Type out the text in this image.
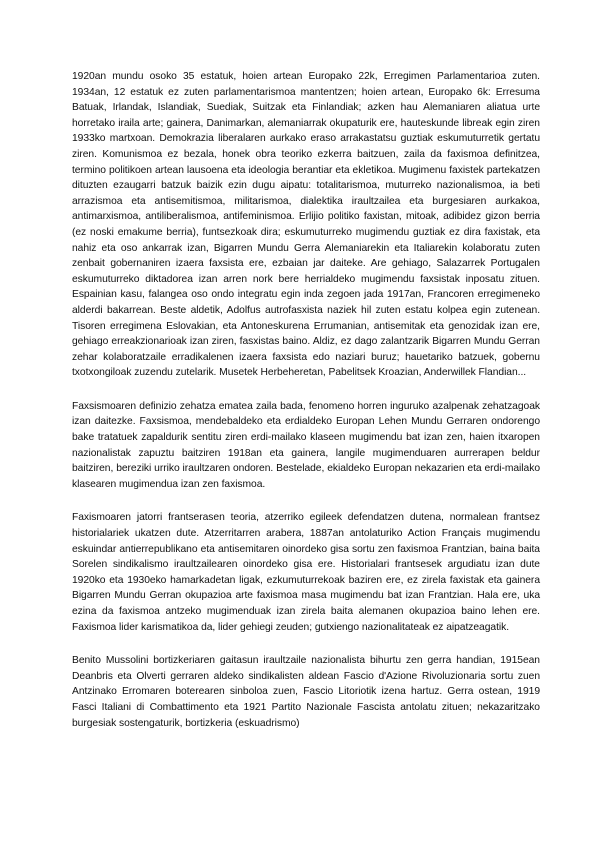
1920an mundu osoko 35 estatuk, hoien artean Europako 22k, Erregimen Parlamentarioa zuten. 1934an, 12 estatuk ez zuten parlamentarismoa mantentzen; hoien artean, Europako 6k: Erresuma Batuak, Irlandak, Islandiak, Suediak, Suitzak eta Finlandiak; azken hau Alemaniaren aliatua urte horretako iraila arte; gainera, Danimarkan, alemaniarrak okupaturik ere, hauteskunde libreak egin ziren 1933ko martxoan. Demokrazia liberalaren aurkako eraso arrakastatsu guztiak eskumuturretik gertatu ziren. Komunismoa ez bezala, honek obra teoriko ezkerra baitzuen, zaila da faxismoa definitzea, termino politikoen artean lausoena eta ideologia berantiar eta ekletikoa. Mugimenu faxistek partekatzen dituzten ezaugarri batzuk baizik ezin dugu aipatu: totalitarismoa, muturreko nazionalismoa, ia beti arrazismoa eta antisemitismoa, militarismoa, dialektika iraultzailea eta burgesiaren aurkakoa, antimarxismoa, antiliberalismoa, antifeminismoa. Erlijio politiko faxistan, mitoak, adibidez gizon berria (ez noski emakume berria), funtsezkoak dira; eskumuturreko mugimendu guztiak ez dira faxistak, eta nahiz eta oso ankarrak izan, Bigarren Mundu Gerra Alemaniarekin eta Italiarekin kolaboratu zuten zenbait gobernaniren izaera faxsista ere, ezbaian jar daiteke. Are gehiago, Salazarrek Portugalen eskumuturreko diktadorea izan arren nork bere herrialdeko mugimendu faxsistak inposatu zituen. Espainian kasu, falangea oso ondo integratu egin inda zegoen jada 1917an, Francoren erregimeneko alderdi bakarrean. Beste aldetik, Adolfus autrofasxista naziek hil zuten estatu kolpea egin zutenean. Tisoren erregimena Eslovakian, eta Antoneskurena Errumanian, antisemitak eta genozidak izan ere, gehiago erreakzionarioak izan ziren, fasxistas baino. Aldiz, ez dago zalantzarik Bigarren Mundu Gerran zehar kolaboratzaile erradikalenen izaera faxsista edo naziari buruz; hauetariko batzuek, gobernu txotxongiloak zuzendu zutelarik. Musetek Herbeheretan, Pabelitsek Kroazian, Anderwillek Flandian...

Faxsismoaren definizio zehatza ematea zaila bada, fenomeno horren inguruko azalpenak zehatzagoak izan daitezke. Faxsismoa, mendebaldeko eta erdialdeko Europan Lehen Mundu Gerraren ondorengo bake tratatuek zapaldurik sentitu ziren erdi-mailako klaseen mugimendu bat izan zen, haien itxaropen nazionalistak zapuztu baitziren 1918an eta gainera, langile mugimenduaren aurrerapen beldur baitziren, bereziki urriko iraultzaren ondoren. Bestelade, ekialdeko Europan nekazarien eta erdi-mailako klasearen mugimendua izan zen faxismoa.

Faxismoaren jatorri frantserasen teoria, atzerriko egileek defendatzen dutena, normalean frantsez historialariek ukatzen dute. Atzerritarren arabera, 1887an antolaturiko Action Français mugimendu eskuindar antierrepublikano eta antisemitaren oinordeko gisa sortu zen faxismoa Frantzian, baina baita Sorelen sindikalismo iraultzailearen oinordeko gisa ere. Historialari frantsesek argudiatu izan dute 1920ko eta 1930eko hamarkadetan ligak, ezkumuturrekoak baziren ere, ez zirela faxistak eta gainera Bigarren Mundu Gerran okupazioa arte faxismoa masa mugimendu bat izan Frantzian. Hala ere, uka ezina da faxismoa antzeko mugimenduak izan zirela baita alemanen okupazioa baino lehen ere. Faxismoa lider karismatikoa da, lider gehiegi zeuden; gutxiengo nazionalitateak ez aipatzeagatik.

Benito Mussolini bortizkeriaren gaitasun iraultzaile nazionalista bihurtu zen gerra handian, 1915ean Deanbris eta Olverti gerraren aldeko sindikalisten aldean Fascio d'Azione Rivoluzionaria sortu zuen Antzinako Erromaren boterearen sinboloa zuen, Fascio Litoriotik izena hartuz. Gerra ostean, 1919 Fasci Italiani di Combattimento eta 1921 Partito Nazionale Fascista antolatu zituen; nekazaritzako burgesiak sostengaturik, bortizkeria (eskuadrismo)
